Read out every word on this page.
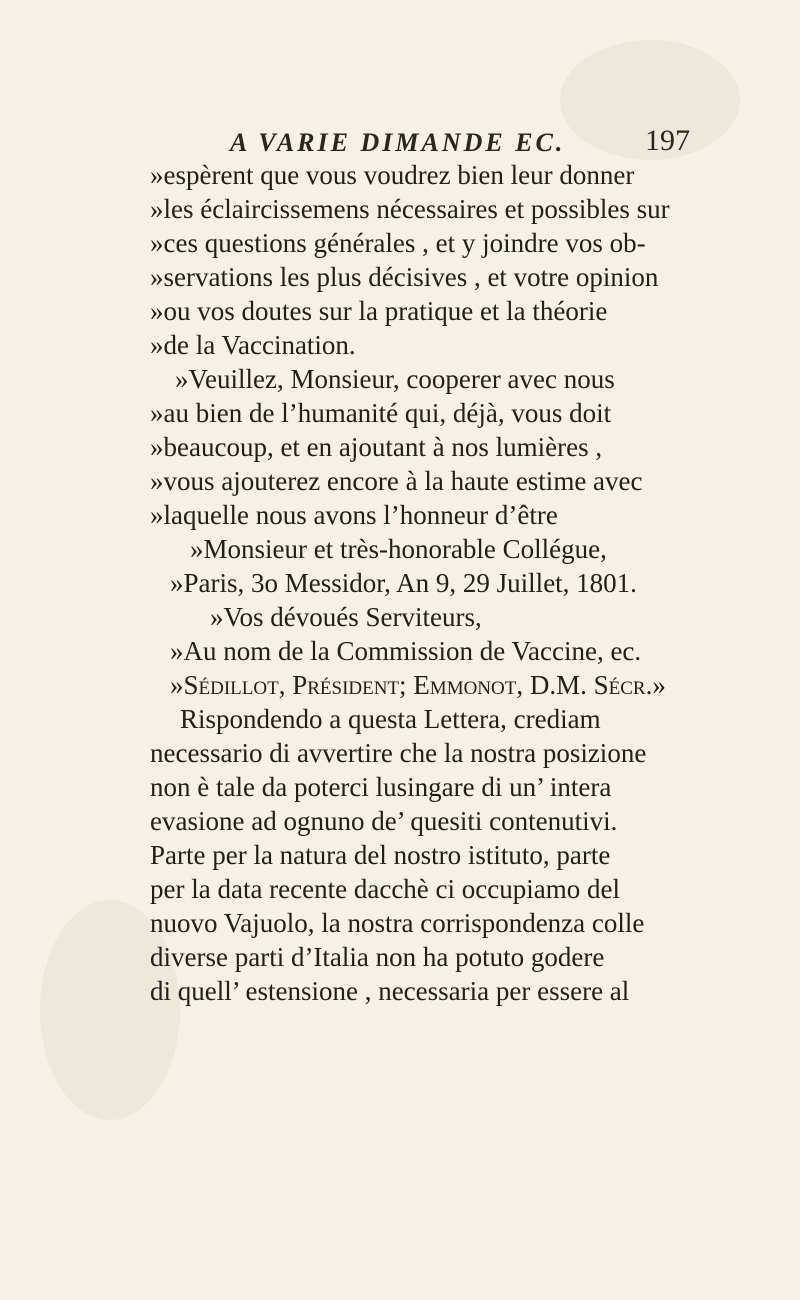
A VARIE DIMANDE EC.	197
»espèrent que vous voudrez bien leur donner
»les éclaircissemens nécessaires et possibles sur
»ces questions générales , et y joindre vos ob-
»servations les plus décisives , et votre opinion
»ou vos doutes sur la pratique et la théorie
»de la Vaccination.
»Veuillez, Monsieur, cooperer avec nous
»au bien de l’humanité qui, déjà, vous doit
»beaucoup, et en ajoutant à nos lumières ,
»vous ajouterez encore à la haute estime avec
»laquelle nous avons l’honneur d’être
»Monsieur et très-honorable Collégue,
»Paris, 3o Messidor, An 9, 29 Juillet, 1801.
»Vos dévoués Serviteurs,
»Au nom de la Commission de Vaccine, ec.
»Sédillot, Président; Emmonot, D.M. Sécr.»
Rispondendo a questa Lettera, crediam
necessario di avvertire che la nostra posizione
non è tale da poterci lusingare di un’ intera
evasione ad ognuno de’ quesiti contenutivi.
Parte per la natura del nostro istituto, parte
per la data recente dacchè ci occupiamo del
nuovo Vajuolo, la nostra corrispondenza colle
diverse parti d’Italia non ha potuto godere
di quell’ estensione , necessaria per essere al
